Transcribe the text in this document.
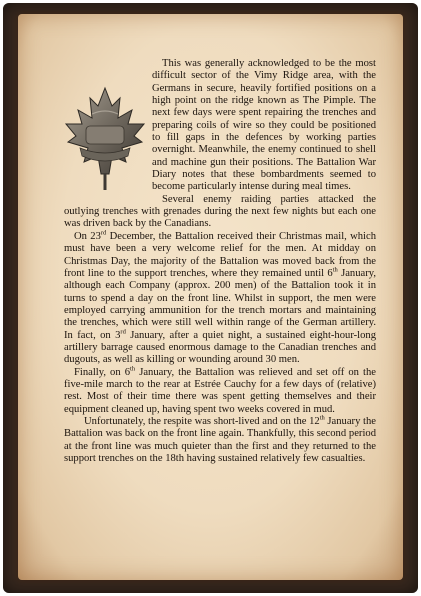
This was generally acknowledged to be the most difficult sector of the Vimy Ridge area, with the Germans in secure, heavily fortified positions on a high point on the ridge known as The Pimple. The next few days were spent repairing the trenches and preparing coils of wire so they could be positioned to fill gaps in the defences by working parties overnight. Meanwhile, the enemy continued to shell and machine gun their positions. The Battalion War Diary notes that these bombardments seemed to become particularly intense during meal times.

Several enemy raiding parties attacked the outlying trenches with grenades during the next few nights but each one was driven back by the Canadians.

On 23rd December, the Battalion received their Christmas mail, which must have been a very welcome relief for the men. At midday on Christmas Day, the majority of the Battalion was moved back from the front line to the support trenches, where they remained until 6th January, although each Company (approx. 200 men) of the Battalion took it in turns to spend a day on the front line. Whilst in support, the men were employed carrying ammunition for the trench mortars and maintaining the trenches, which were still well within range of the German artillery. In fact, on 3rd January, after a quiet night, a sustained eight-hour-long artillery barrage caused enormous damage to the Canadian trenches and dugouts, as well as killing or wounding around 30 men.

Finally, on 6th January, the Battalion was relieved and set off on the five-mile march to the rear at Estrée Cauchy for a few days of (relative) rest. Most of their time there was spent getting themselves and their equipment cleaned up, having spent two weeks covered in mud.

Unfortunately, the respite was short-lived and on the 12th January the Battalion was back on the front line again. Thankfully, this second period at the front line was much quieter than the first and they returned to the support trenches on the 18th having sustained relatively few casualties.
